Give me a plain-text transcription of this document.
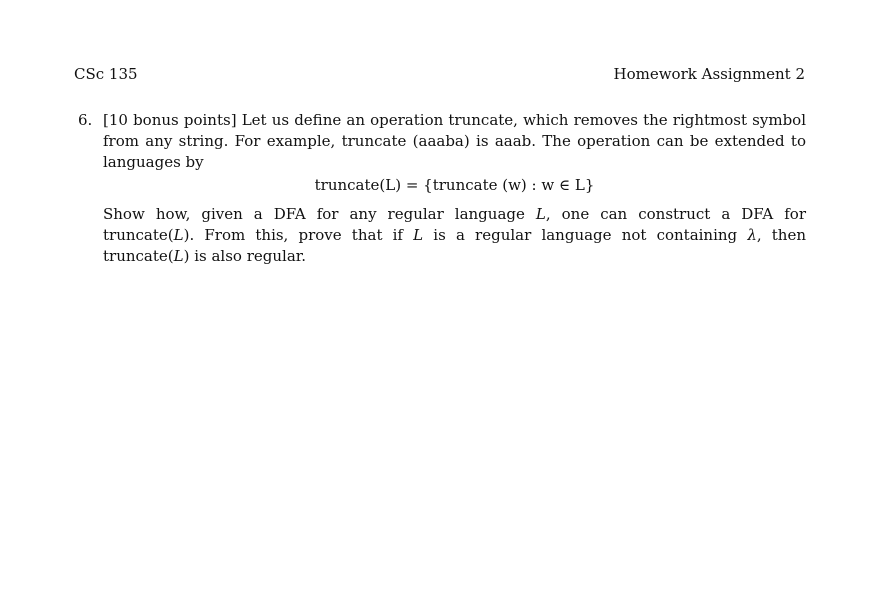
CSc 135	Homework Assignment 2
6. [10 bonus points] Let us define an operation truncate, which removes the rightmost symbol from any string. For example, truncate (aaaba) is aaab. The operation can be extended to languages by

truncate(L) = {truncate (w) : w ∈ L}

Show how, given a DFA for any regular language L, one can construct a DFA for truncate(L). From this, prove that if L is a regular language not containing λ, then truncate(L) is also regular.
